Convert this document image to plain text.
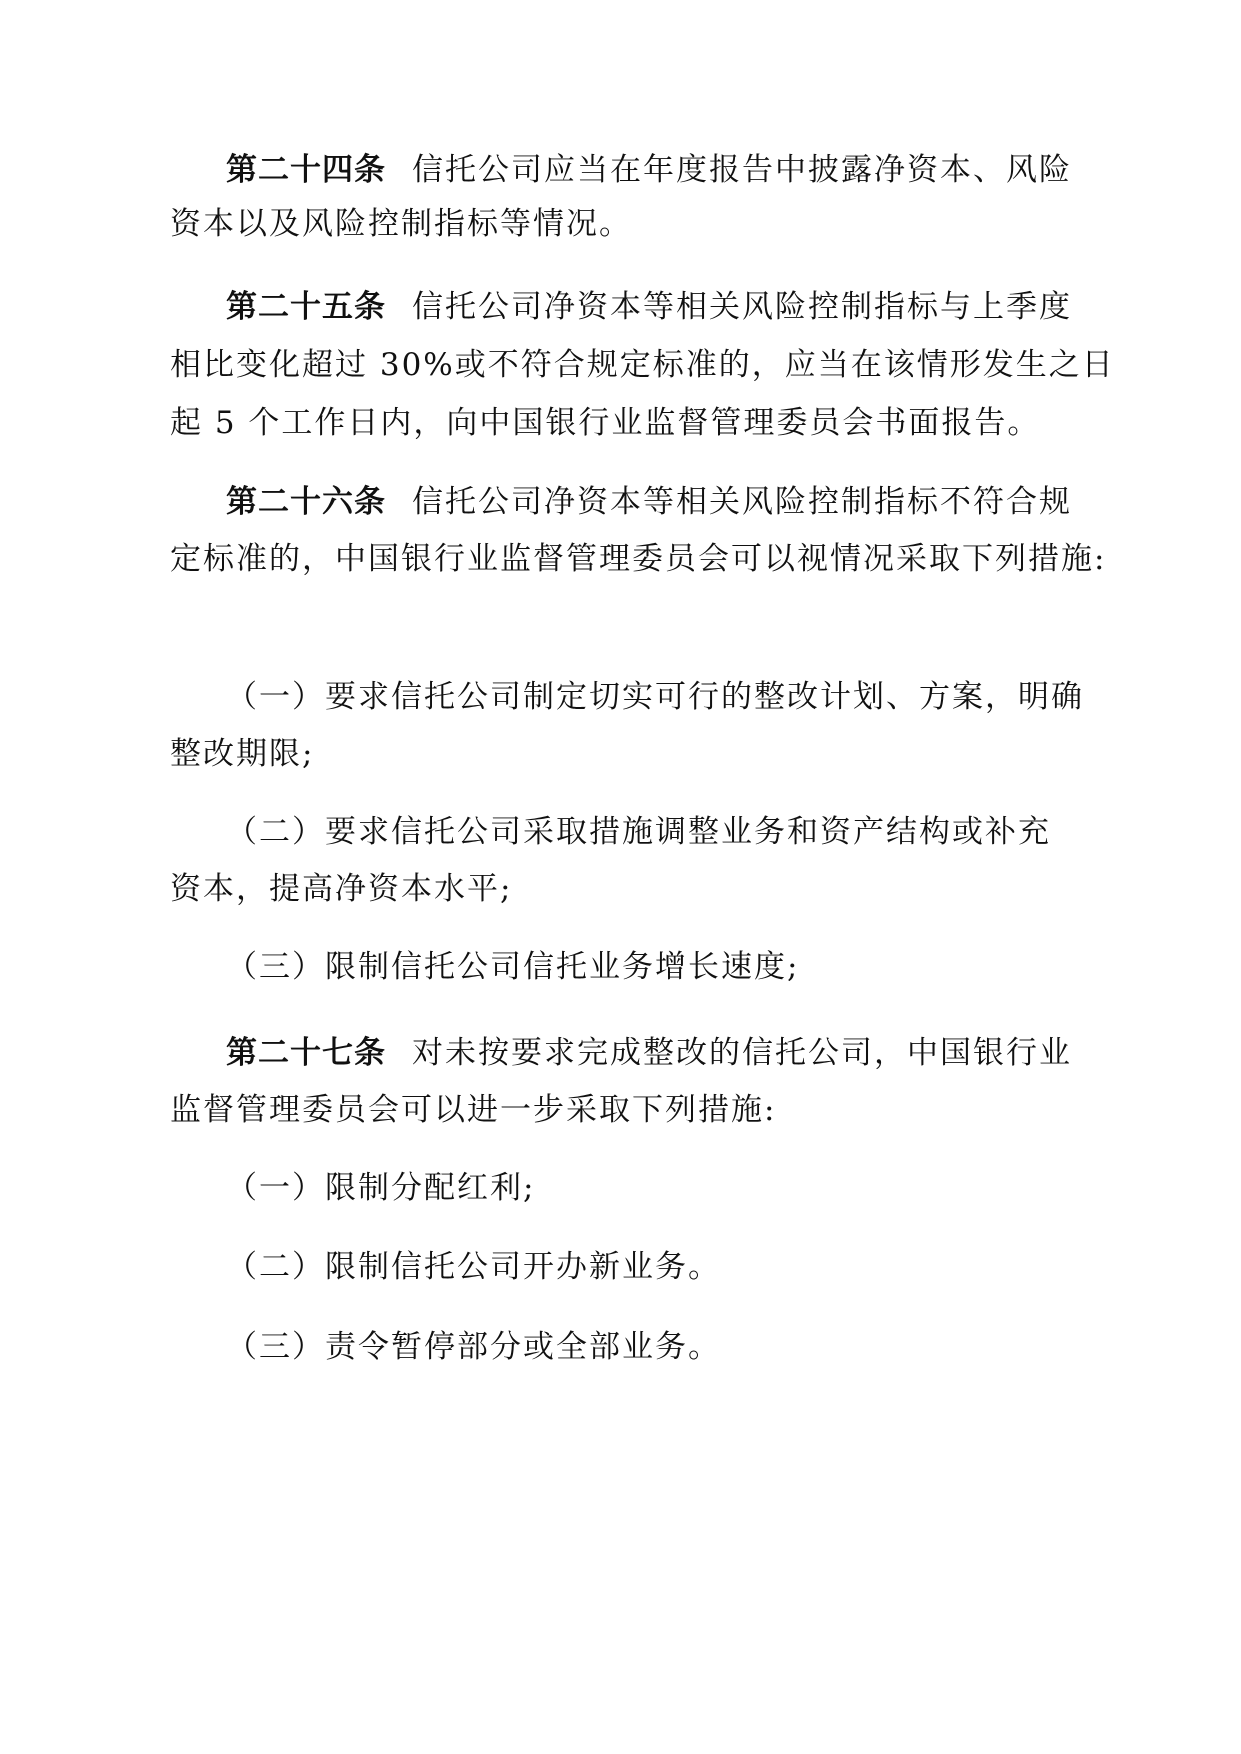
第二十四条 信托公司应当在年度报告中披露净资本、风险
资本以及风险控制指标等情况。
第二十五条 信托公司净资本等相关风险控制指标与上季度
相比变化超过 30%或不符合规定标准的，应当在该情形发生之日
起 5 个工作日内，向中国银行业监督管理委员会书面报告。
第二十六条 信托公司净资本等相关风险控制指标不符合规
定标准的，中国银行业监督管理委员会可以视情况采取下列措施:
（一）要求信托公司制定切实可行的整改计划、方案，明确
整改期限;
（二）要求信托公司采取措施调整业务和资产结构或补充
资本，提高净资本水平;
（三）限制信托公司信托业务增长速度;
第二十七条 对未按要求完成整改的信托公司，中国银行业
监督管理委员会可以进一步采取下列措施:
（一）限制分配红利;
（二）限制信托公司开办新业务。
（三）责令暂停部分或全部业务。
